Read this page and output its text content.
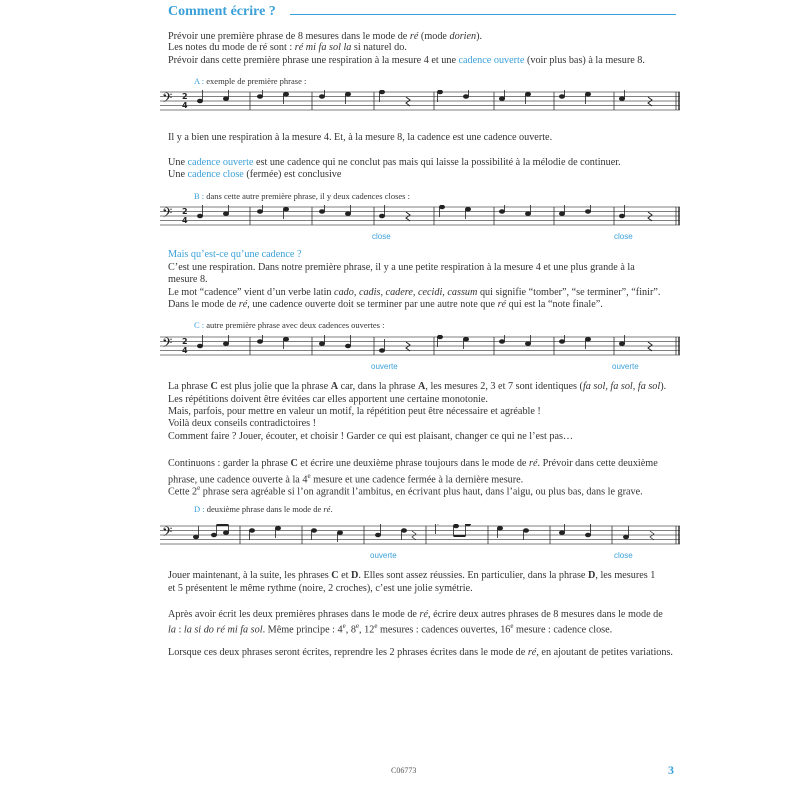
Comment écrire ?
Prévoir une première phrase de 8 mesures dans le mode de ré (mode dorien).
Les notes du mode de ré sont : ré mi fa sol la si naturel do.
Prévoir dans cette première phrase une respiration à la mesure 4 et une cadence ouverte (voir plus bas) à la mesure 8.
A : exemple de première phrase :
𝄢 2
4
Il y a bien une respiration à la mesure 4. Et, à la mesure 8, la cadence est une cadence ouverte.
Une cadence ouverte est une cadence qui ne conclut pas mais qui laisse la possibilité à la mélodie de continuer.
Une cadence close (fermée) est conclusive
B : dans cette autre première phrase, il y deux cadences closes :
𝄢 2
4
close	close
Mais qu’est-ce qu’une cadence ?
C’est une respiration. Dans notre première phrase, il y a une petite respiration à la mesure 4 et une plus grande à la
mesure 8.
Le mot “cadence” vient d’un verbe latin cado, cadis, cadere, cecidi, cassum qui signifie “tomber”, “se terminer”, “finir”.
Dans le mode de ré, une cadence ouverte doit se terminer par une autre note que ré qui est la “note finale”.
C : autre première phrase avec deux cadences ouvertes :
𝄢 2
4
ouverte	ouverte
La phrase C est plus jolie que la phrase A car, dans la phrase A, les mesures 2, 3 et 7 sont identiques (fa sol, fa sol, fa sol).
Les répétitions doivent être évitées car elles apportent une certaine monotonie.
Mais, parfois, pour mettre en valeur un motif, la répétition peut être nécessaire et agréable !
Voilà deux conseils contradictoires !
Comment faire ? Jouer, écouter, et choisir ! Garder ce qui est plaisant, changer ce qui ne l’est pas…
Continuons : garder la phrase C et écrire une deuxième phrase toujours dans le mode de ré. Prévoir dans cette deuxième
phrase, une cadence ouverte à la 4e mesure et une cadence fermée à la dernière mesure.
Cette 2e phrase sera agréable si l’on agrandit l’ambitus, en écrivant plus haut, dans l’aigu, ou plus bas, dans le grave.
D : deuxième phrase dans le mode de ré.
𝄢
ouverte	close
Jouer maintenant, à la suite, les phrases C et D. Elles sont assez réussies. En particulier, dans la phrase D, les mesures 1
et 5 présentent le même rythme (noire, 2 croches), c’est une jolie symétrie.
Après avoir écrit les deux premières phrases dans le mode de ré, écrire deux autres phrases de 8 mesures dans le mode de
la : la si do ré mi fa sol. Même principe : 4e, 8e, 12e mesures : cadences ouvertes, 16e mesure : cadence close.
Lorsque ces deux phrases seront écrites, reprendre les 2 phrases écrites dans le mode de ré, en ajoutant de petites variations.
C06773	3
